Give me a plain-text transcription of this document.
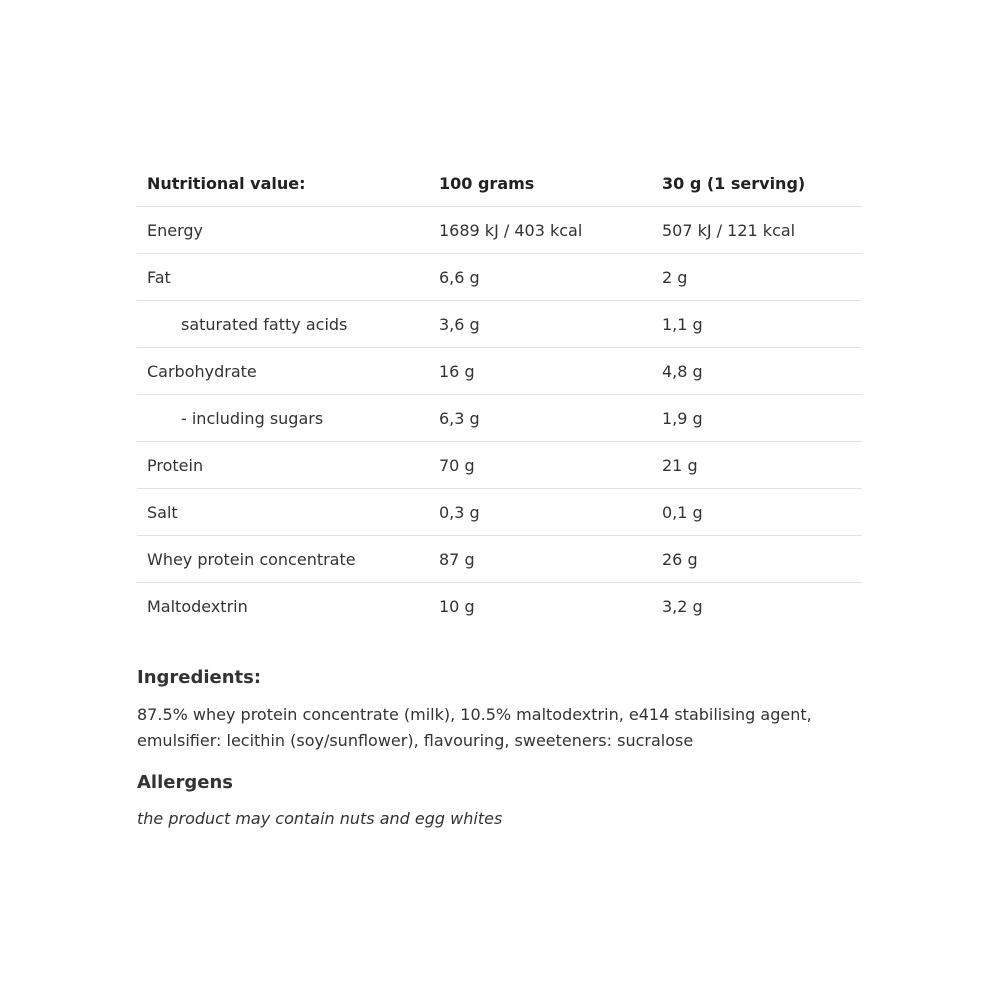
Nutritional value:	100 grams	30 g (1 serving)
Energy	1689 kJ / 403 kcal	507 kJ / 121 kcal
Fat	6,6 g	2 g
saturated fatty acids	3,6 g	1,1 g
Carbohydrate	16 g	4,8 g
- including sugars	6,3 g	1,9 g
Protein	70 g	21 g
Salt	0,3 g	0,1 g
Whey protein concentrate	87 g	26 g
Maltodextrin	10 g	3,2 g
Ingredients:

87.5% whey protein concentrate (milk), 10.5% maltodextrin, e414 stabilising agent, emulsifier: lecithin (soy/sunflower), flavouring, sweeteners: sucralose

Allergens

the product may contain nuts and egg whites
